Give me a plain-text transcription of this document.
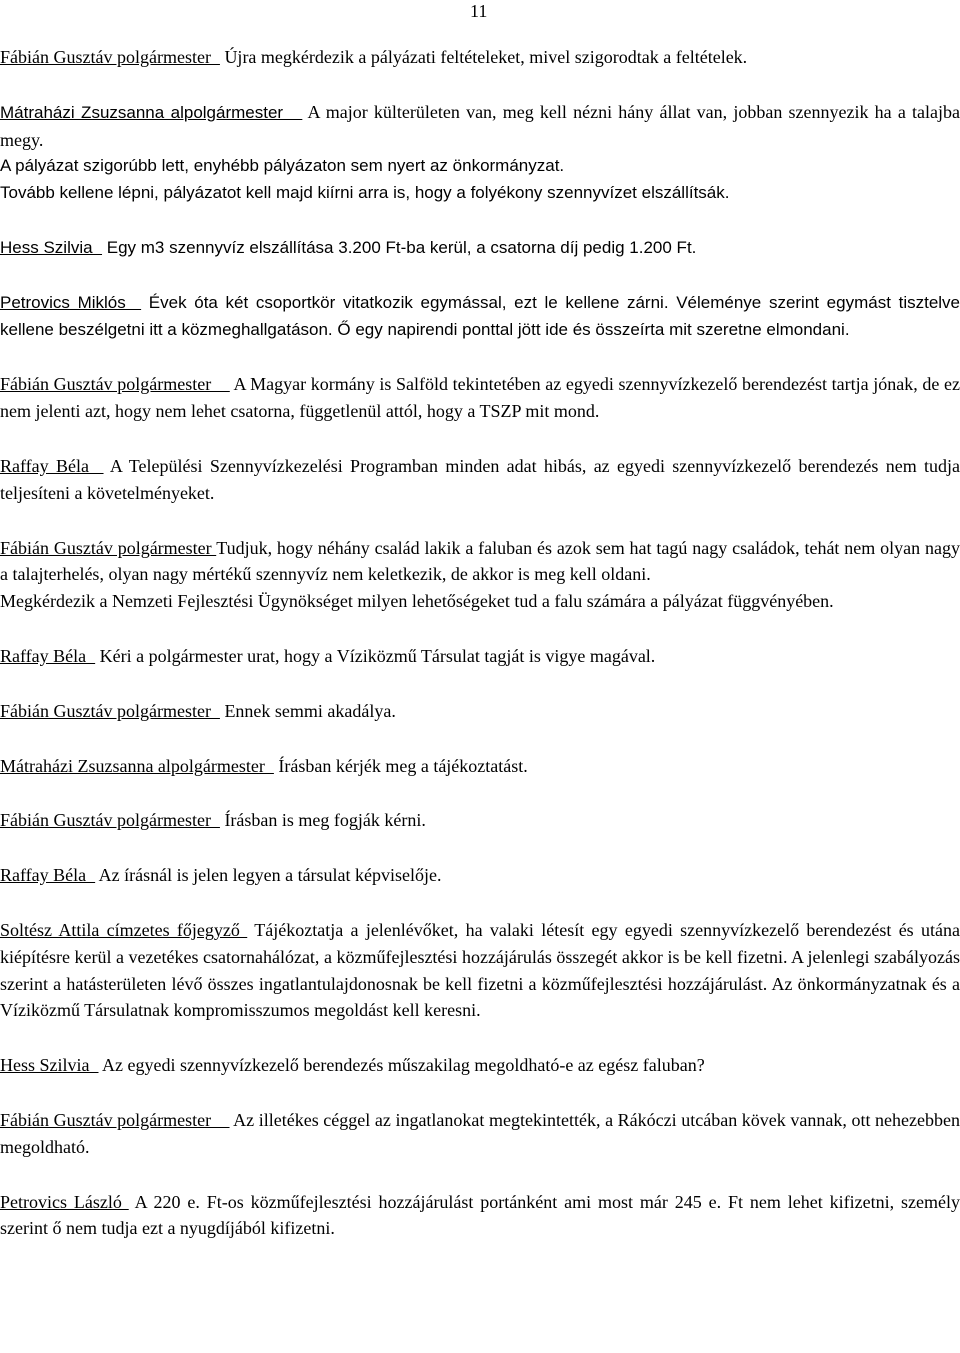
11

Fábián Gusztáv polgármester   Újra megkérdezik a pályázati feltételeket, mivel szigorodtak a feltételek.

Mátraházi Zsuzsanna alpolgármester    A major külterületen van, meg kell nézni hány állat van, jobban szennyezik ha a talajba megy.
A pályázat szigorúbb lett, enyhébb pályázaton sem nyert az önkormányzat.
Tovább kellene lépni, pályázatot kell majd kiírni arra is, hogy a folyékony szennyvízet elszállítsák.

Hess Szilvia   Egy m3 szennyvíz elszállítása 3.200 Ft-ba kerül, a csatorna díj pedig 1.200 Ft.

Petrovics Miklós   Évek óta két csoportkör vitatkozik egymással, ezt le kellene zárni. Véleménye szerint egymást tisztelve kellene beszélgetni itt a közmeghallgatáson. Ő egy napirendi ponttal jött ide és összeírta mit szeretne elmondani.

Fábián Gusztáv polgármester     A Magyar kormány is Salföld tekintetében az egyedi szennyvízkezelő berendezést tartja jónak, de ez nem jelenti azt, hogy nem lehet csatorna, függetlenül attól, hogy a TSZP mit mond.

Raffay Béla   A Települési Szennyvízkezelési Programban minden adat hibás, az egyedi szennyvízkezelő berendezés nem tudja teljesíteni a követelményeket.

Fábián Gusztáv polgármester Tudjuk, hogy néhány család lakik a faluban és azok sem hat tagú nagy családok, tehát nem olyan nagy a talajterhelés, olyan nagy mértékű szennyvíz nem keletkezik, de akkor is meg kell oldani.
Megkérdezik a Nemzeti Fejlesztési Ügynökséget milyen lehetőségeket tud a falu számára a pályázat függvényében.

Raffay Béla   Kéri a polgármester urat, hogy a Víziközmű Társulat tagját is vigye magával.

Fábián Gusztáv polgármester   Ennek semmi akadálya.

Mátraházi Zsuzsanna alpolgármester   Írásban kérjék meg a tájékoztatást.

Fábián Gusztáv polgármester   Írásban is meg fogják kérni.

Raffay Béla   Az írásnál is jelen legyen a társulat képviselője.

Soltész Attila címzetes főjegyző  Tájékoztatja a jelenlévőket, ha valaki létesít egy egyedi szennyvízkezelő berendezést és utána kiépítésre kerül a vezetékes csatornahálózat, a közműfejlesztési hozzájárulás összegét akkor is be kell fizetni. A jelenlegi szabályozás szerint a hatásterületen lévő összes ingatlantulajdonosnak be kell fizetni a közműfejlesztési hozzájárulást. Az önkormányzatnak és a Víziközmű Társulatnak kompromisszumos megoldást kell keresni.

Hess Szilvia   Az egyedi szennyvízkezelő berendezés műszakilag megoldható-e az egész faluban?

Fábián Gusztáv polgármester     Az illetékes céggel az ingatlanokat megtekintették, a Rákóczi utcában kövek vannak, ott nehezebben megoldható.

Petrovics László  A 220 e. Ft-os közműfejlesztési hozzájárulást portánként ami most már 245 e. Ft nem lehet kifizetni, személy szerint ő nem tudja ezt a nyugdíjából kifizetni.
